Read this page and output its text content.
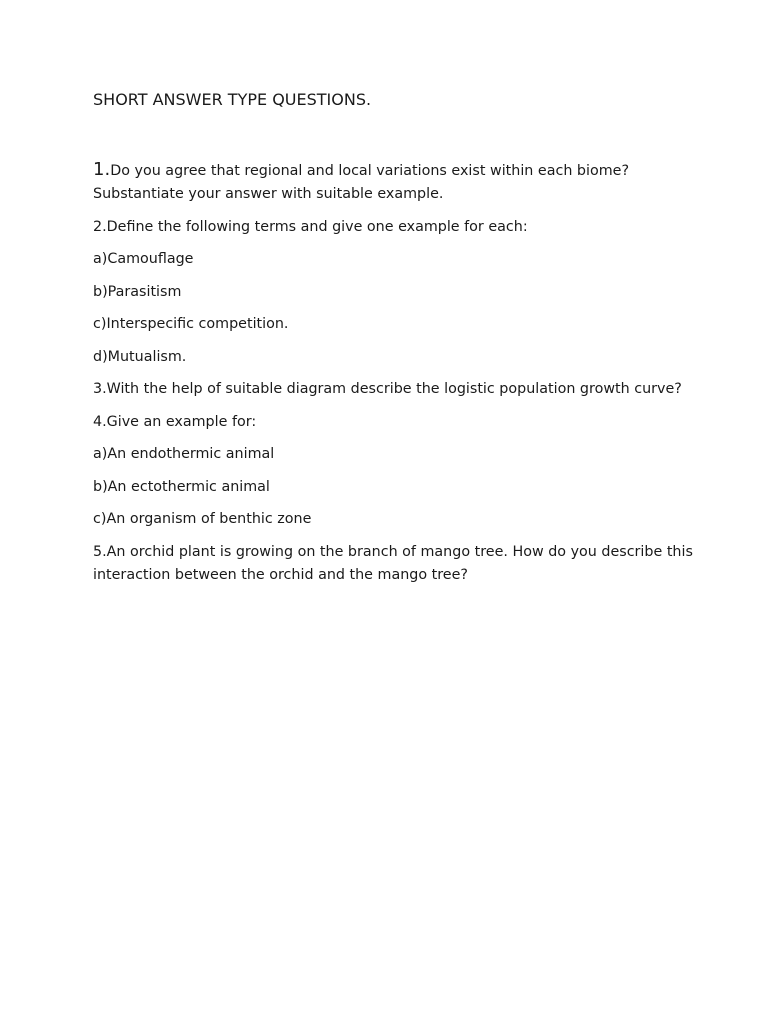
SHORT ANSWER TYPE QUESTIONS.

1.Do you agree that regional and local variations exist within each biome?Substantiate your answer with suitable example.

2.Define the following terms and give one example for each:

a)Camouflage

b)Parasitism

c)Interspecific competition.

d)Mutualism.

3.With the help of suitable diagram describe the logistic population growth curve?

4.Give an example for:

a)An endothermic animal

b)An ectothermic animal

c)An organism of benthic zone

5.An orchid plant is growing on the branch of mango tree. How do you describe this interaction between the orchid and the mango tree?
